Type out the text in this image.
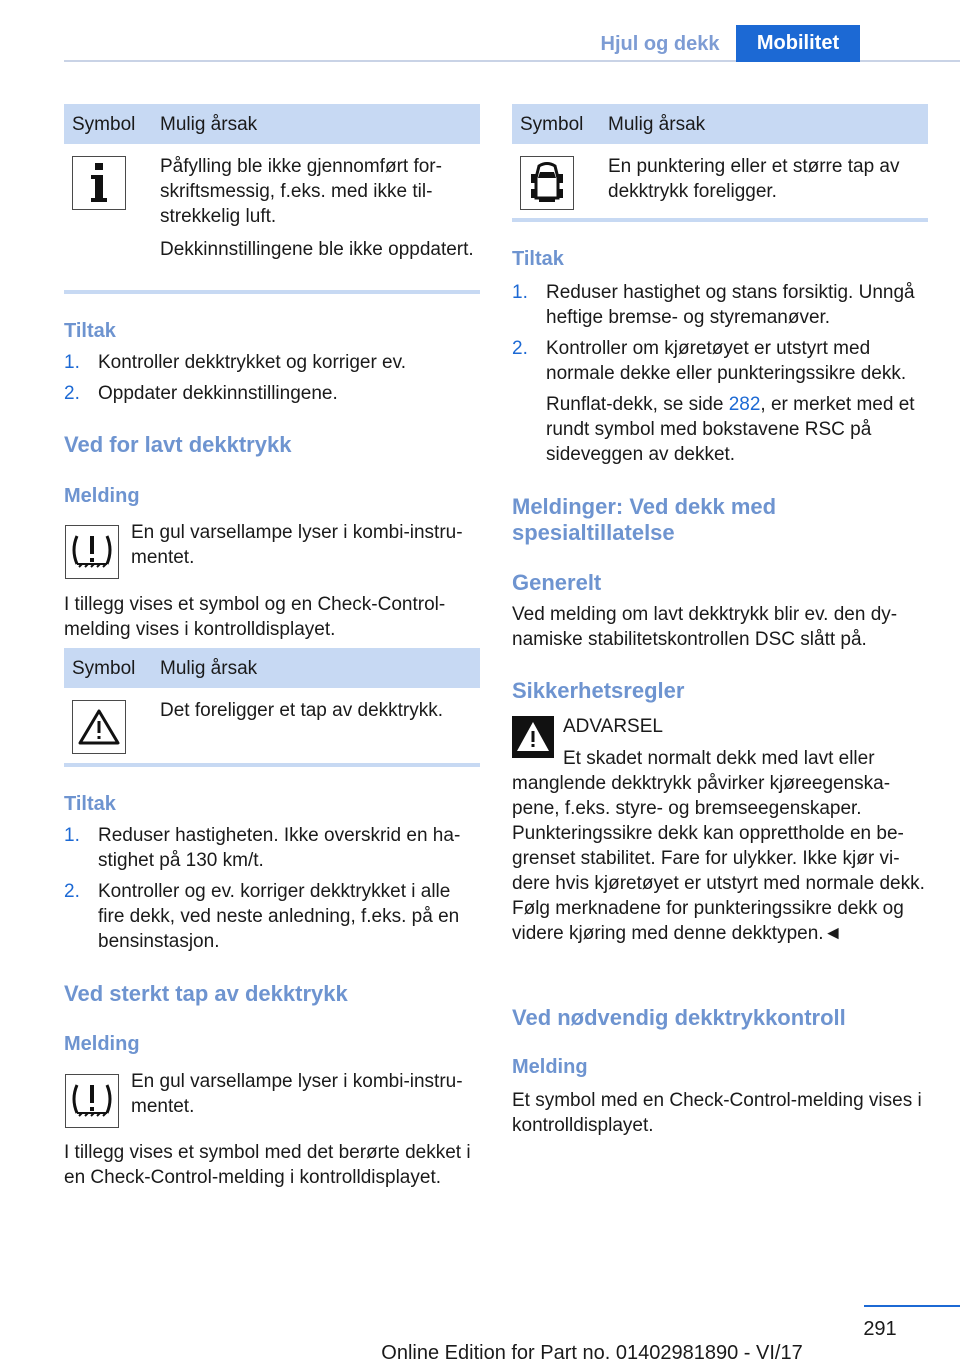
Hjul og dekk	Mobilitet
Symbol	Mulig årsak

Påfylling ble ikke gjennomført forskriftsmessig, f.eks. med ikke tilstrekkelig luft.

Dekkinnstillingene ble ikke oppdatert.

Tiltak
1. Kontroller dekktrykket og korriger ev.
2. Oppdater dekkinnstillingene.
Ved for lavt dekktrykk
Melding
En gul varsellampe lyser i kombi-instrumentet.
I tillegg vises et symbol og en Check-Control-melding vises i kontrolldisplayet.
Symbol	Mulig årsak

	Det foreligger et tap av dekktrykk.
Tiltak
1. Reduser hastigheten. Ikke overskrid en hastighet på 130 km/t.
2. Kontroller og ev. korriger dekktrykket i alle fire dekk, ved neste anledning, f.eks. på en bensinstasjon.
Ved sterkt tap av dekktrykk
Melding
En gul varsellampe lyser i kombi-instrumentet.
I tillegg vises et symbol med det berørte dekket i en Check-Control-melding i kontrolldisplayet.
Symbol	Mulig årsak

	En punktering eller et større tap av dekktrykk foreligger.
Tiltak
1. Reduser hastighet og stans forsiktig. Unngå heftige bremse- og styremanøver.
2. Kontroller om kjøretøyet er utstyrt med normale dekke eller punkteringssikre dekk.

Runflat-dekk, se side 282, er merket med et rundt symbol med bokstavene RSC på sideveggen av dekket.

Meldinger: Ved dekk med spesialtillatelse
Generelt
Ved melding om lavt dekktrykk blir ev. den dynamiske stabilitetskontrollen DSC slått på.
Sikkerhetsregler
ADVARSEL
Et skadet normalt dekk med lavt eller manglende dekktrykk påvirker kjøreegenskapene, f.eks. styre- og bremseegenskaper. Punkteringssikre dekk kan opprettholde en begrenset stabilitet. Fare for ulykker. Ikke kjør videre hvis kjøretøyet er utstyrt med normale dekk. Følg merknadene for punkteringssikre dekk og videre kjøring med denne dekktypen.◄
Ved nødvendig dekktrykkontroll
Melding
Et symbol med en Check-Control-melding vises i kontrolldisplayet.
291
Online Edition for Part no. 01402981890 - VI/17
